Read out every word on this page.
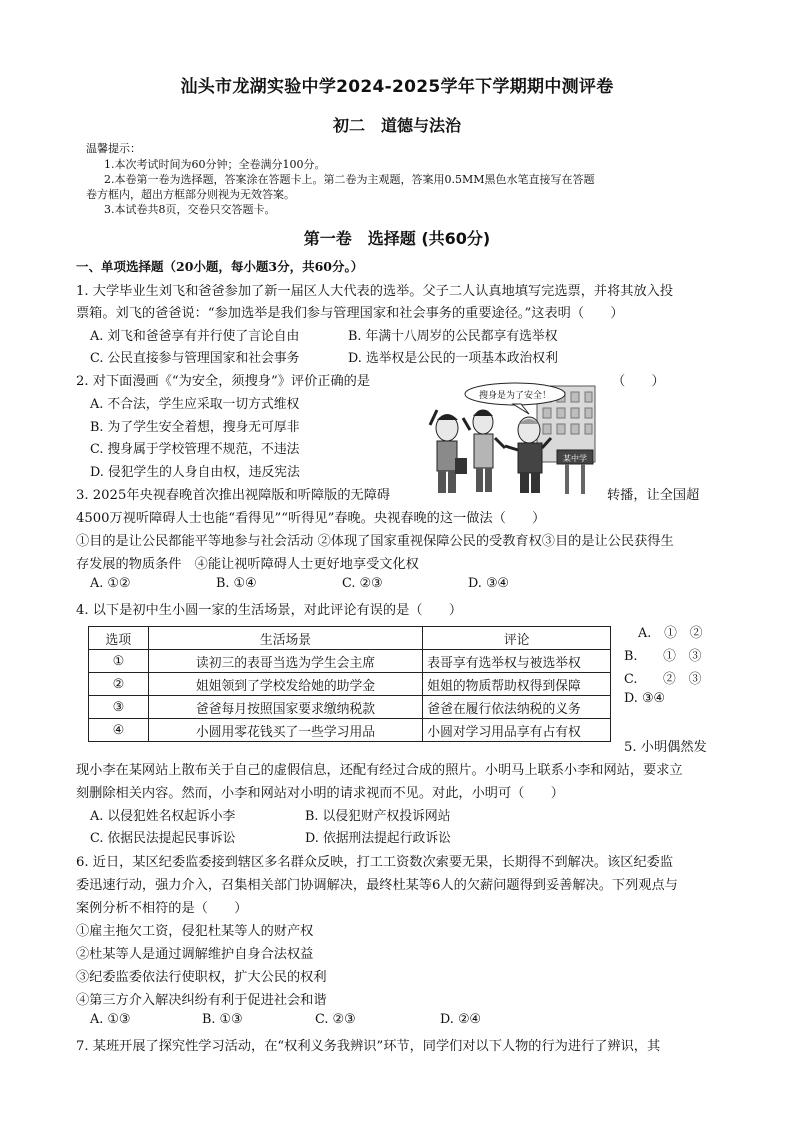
汕头市龙湖实验中学2024-2025学年下学期期中测评卷
初二　道德与法治
温馨提示：
1.本次考试时间为60分钟；全卷满分100分。
2.本卷第一卷为选择题，答案涂在答题卡上。第二卷为主观题，答案用0.5MM黑色水笔直接写在答题
卷方框内，超出方框部分则视为无效答案。
3.本试卷共8页，交卷只交答题卡。
第一卷　选择题 (共60分)
一、单项选择题（20小题，每小题3分，共60分。）
1. 大学毕业生刘飞和爸爸参加了新一届区人大代表的选举。父子二人认真地填写完选票，并将其放入投
票箱。刘飞的爸爸说：“参加选举是我们参与管理国家和社会事务的重要途径。”这表明（　　）
A. 刘飞和爸爸享有并行使了言论自由	B. 年满十八周岁的公民都享有选举权
C. 公民直接参与管理国家和社会事务	D. 选举权是公民的一项基本政治权利
2. 对下面漫画《“为安全，须搜身”》评价正确的是	（　　）
A. 不合法，学生应采取一切方式维权
B. 为了学生安全着想，搜身无可厚非
C. 搜身属于学校管理不规范，不违法
D. 侵犯学生的人身自由权，违反宪法
某中学
搜身是为了安全！
3. 2025年央视春晚首次推出视障版和听障版的无障碍	转播，让全国超
4500万视听障碍人士也能“看得见”“听得见”春晚。央视春晚的这一做法（　　）
①目的是让公民都能平等地参与社会活动 ②体现了国家重视保障公民的受教育权③目的是让公民获得生
存发展的物质条件　④能让视听障碍人士更好地享受文化权
A. ①②	B. ①④	C. ②③	D. ③④
4. 以下是初中生小圆一家的生活场景，对此评论有误的是（　　）
选项	生活场景	评论
①	读初三的表哥当选为学生会主席	表哥享有选举权与被选举权
②	姐姐领到了学校发给她的助学金	姐姐的物质帮助权得到保障
③	爸爸每月按照国家要求缴纳税款	爸爸在履行依法纳税的义务
④	小圆用零花钱买了一些学习用品	小圆对学习用品享有占有权
A.　①　②
B.　　①　③
C.　　②　③
D. ③④
5. 小明偶然发
现小李在某网站上散布关于自己的虚假信息，还配有经过合成的照片。小明马上联系小李和网站，要求立
刻删除相关内容。然而，小李和网站对小明的请求视而不见。对此，小明可（　　）
A. 以侵犯姓名权起诉小李	B. 以侵犯财产权投诉网站
C. 依据民法提起民事诉讼	D. 依据刑法提起行政诉讼
6. 近日，某区纪委监委接到辖区多名群众反映，打工工资数次索要无果，长期得不到解决。该区纪委监
委迅速行动，强力介入，召集相关部门协调解决，最终杜某等6人的欠薪问题得到妥善解决。下列观点与
案例分析不相符的是（　　）
①雇主拖欠工资，侵犯杜某等人的财产权
②杜某等人是通过调解维护自身合法权益
③纪委监委依法行使职权，扩大公民的权利
④第三方介入解决纠纷有利于促进社会和谐
A. ①③	B. ①③	C. ②③	D. ②④
7. 某班开展了探究性学习活动，在“权利义务我辨识”环节，同学们对以下人物的行为进行了辨识，其
